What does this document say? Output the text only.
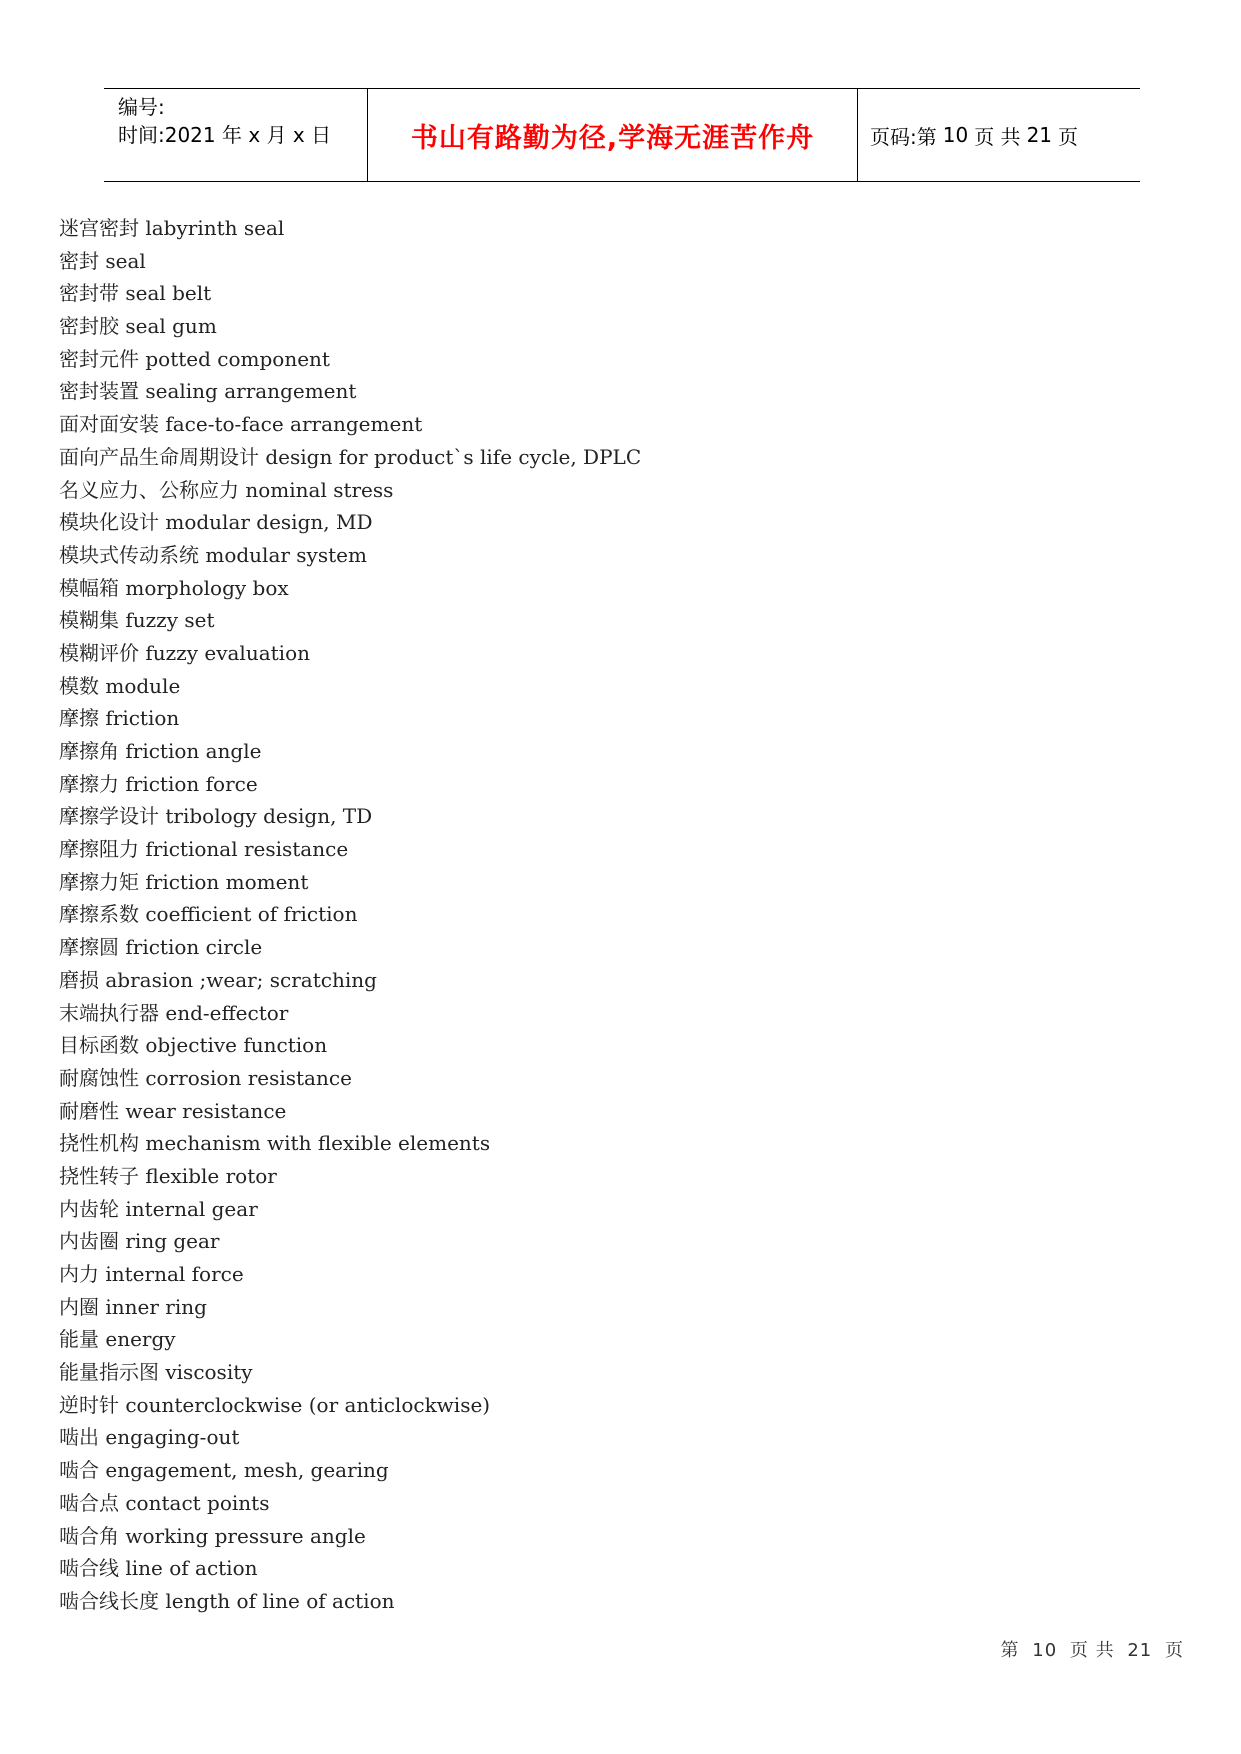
编号:
时间:2021 年 x 月 x 日	书山有路勤为径,学海无涯苦作舟	页码:第 10 页 共 21 页
迷宫密封 labyrinth seal
密封 seal
密封带 seal belt
密封胶 seal gum
密封元件 potted component
密封装置 sealing arrangement
面对面安装 face-to-face arrangement
面向产品生命周期设计 design for product`s life cycle, DPLC
名义应力、公称应力 nominal stress
模块化设计 modular design, MD
模块式传动系统 modular system
模幅箱 morphology box
模糊集 fuzzy set
模糊评价 fuzzy evaluation
模数 module
摩擦 friction
摩擦角 friction angle
摩擦力 friction force
摩擦学设计 tribology design, TD
摩擦阻力 frictional resistance
摩擦力矩 friction moment
摩擦系数 coefficient of friction
摩擦圆 friction circle
磨损 abrasion ;wear; scratching
末端执行器 end-effector
目标函数 objective function
耐腐蚀性 corrosion resistance
耐磨性 wear resistance
挠性机构 mechanism with flexible elements
挠性转子 flexible rotor
内齿轮 internal gear
内齿圈 ring gear
内力 internal force
内圈 inner ring
能量 energy
能量指示图 viscosity
逆时针 counterclockwise (or anticlockwise)
啮出 engaging-out
啮合 engagement, mesh, gearing
啮合点 contact points
啮合角 working pressure angle
啮合线 line of action
啮合线长度 length of line of action
第 10 页 共 21 页
